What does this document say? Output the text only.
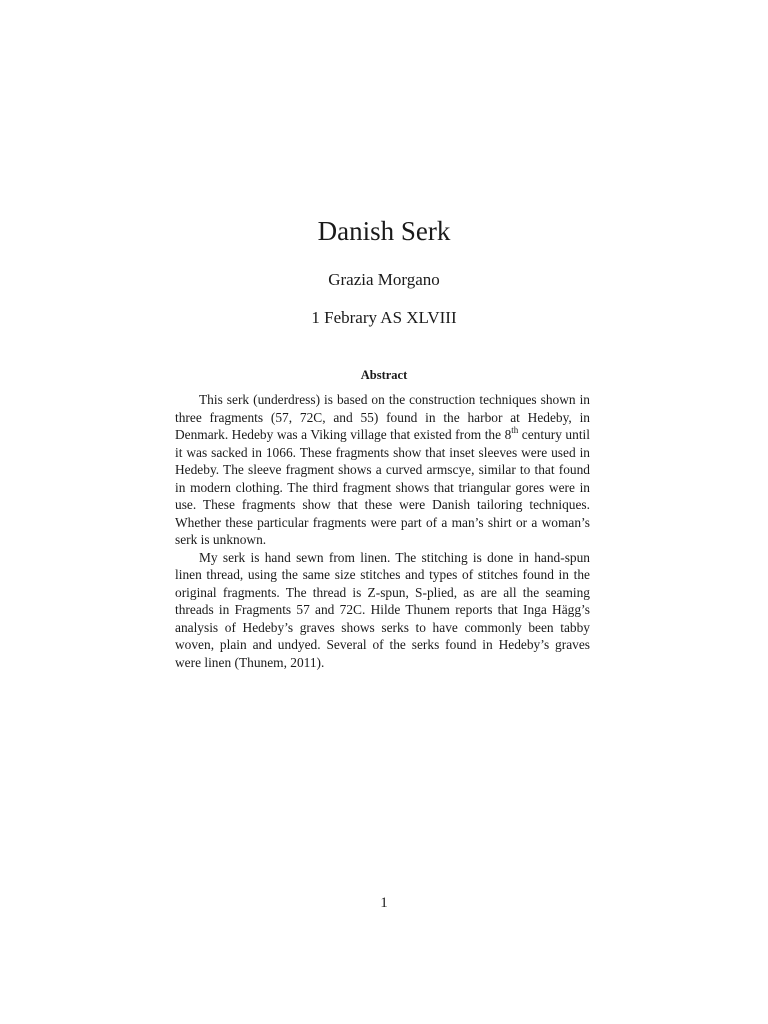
Danish Serk
Grazia Morgano
1 Febrary AS XLVIII
Abstract

This serk (underdress) is based on the construction techniques shown in three fragments (57, 72C, and 55) found in the harbor at Hedeby, in Denmark. Hedeby was a Viking village that existed from the 8th century until it was sacked in 1066. These fragments show that inset sleeves were used in Hedeby. The sleeve fragment shows a curved armscye, similar to that found in modern clothing. The third fragment shows that triangular gores were in use. These fragments show that these were Danish tailoring techniques. Whether these particular fragments were part of a man’s shirt or a woman’s serk is unknown.

My serk is hand sewn from linen. The stitching is done in hand-spun linen thread, using the same size stitches and types of stitches found in the original fragments. The thread is Z-spun, S-plied, as are all the seaming threads in Fragments 57 and 72C. Hilde Thunem reports that Inga Hägg’s analysis of Hedeby’s graves shows serks to have commonly been tabby woven, plain and undyed. Several of the serks found in Hedeby’s graves were linen (Thunem, 2011).

1
